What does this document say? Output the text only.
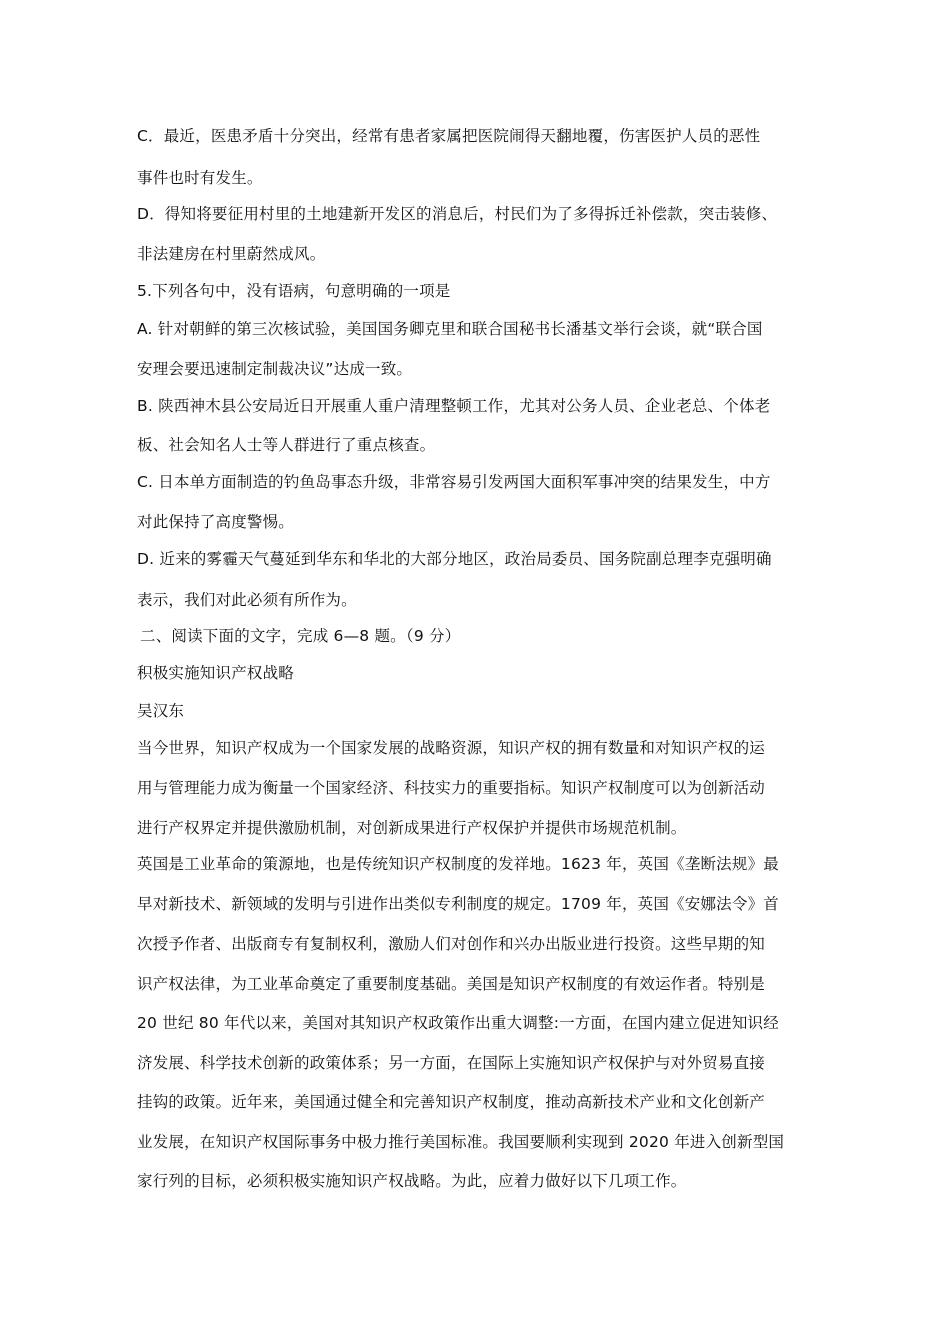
C．最近，医患矛盾十分突出，经常有患者家属把医院闹得天翻地覆，伤害医护人员的恶性
事件也时有发生。
D．得知将要征用村里的土地建新开发区的消息后，村民们为了多得拆迁补偿款，突击装修、
非法建房在村里蔚然成风。
5.下列各句中，没有语病，句意明确的一项是
A. 针对朝鲜的第三次核试验，美国国务卿克里和联合国秘书长潘基文举行会谈，就“联合国
安理会要迅速制定制裁决议”达成一致。
B. 陕西神木县公安局近日开展重人重户清理整顿工作，尤其对公务人员、企业老总、个体老
板、社会知名人士等人群进行了重点核查。
C. 日本单方面制造的钓鱼岛事态升级，非常容易引发两国大面积军事冲突的结果发生，中方
对此保持了高度警惕。
D. 近来的雾霾天气蔓延到华东和华北的大部分地区，政治局委员、国务院副总理李克强明确
表示，我们对此必须有所作为。
二、阅读下面的文字，完成 6—8 题。（9 分）
积极实施知识产权战略
吴汉东
当今世界，知识产权成为一个国家发展的战略资源，知识产权的拥有数量和对知识产权的运
用与管理能力成为衡量一个国家经济、科技实力的重要指标。知识产权制度可以为创新活动
进行产权界定并提供激励机制，对创新成果进行产权保护并提供市场规范机制。
英国是工业革命的策源地，也是传统知识产权制度的发祥地。1623 年，英国《垄断法规》最
早对新技术、新领域的发明与引进作出类似专利制度的规定。1709 年，英国《安娜法令》首
次授予作者、出版商专有复制权利，激励人们对创作和兴办出版业进行投资。这些早期的知
识产权法律，为工业革命奠定了重要制度基础。美国是知识产权制度的有效运作者。特别是
20 世纪 80 年代以来，美国对其知识产权政策作出重大调整:一方面，在国内建立促进知识经
济发展、科学技术创新的政策体系；另一方面，在国际上实施知识产权保护与对外贸易直接
挂钩的政策。近年来，美国通过健全和完善知识产权制度，推动高新技术产业和文化创新产
业发展，在知识产权国际事务中极力推行美国标准。我国要顺利实现到 2020 年进入创新型国
家行列的目标，必须积极实施知识产权战略。为此，应着力做好以下几项工作。
